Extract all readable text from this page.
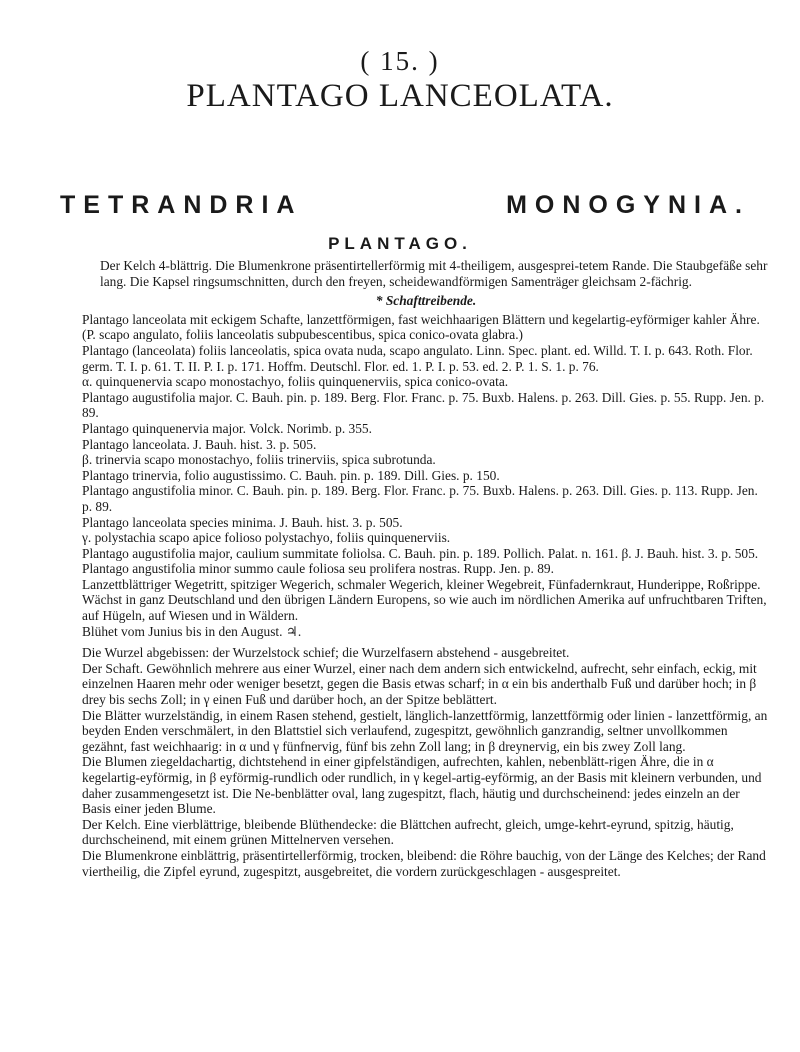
( 15. )
PLANTAGO LANCEOLATA.
TETRANDRIA	MONOGYNIA.
PLANTAGO.

Der Kelch 4-blättrig. Die Blumenkrone präsentirtellerförmig mit 4-theiligem, ausgesprei-tetem Rande. Die Staubgefäße sehr lang. Die Kapsel ringsumschnitten, durch den freyen, scheidewandförmigen Samenträger gleichsam 2-fächrig.

* Schafttreibende.

Plantago lanceolata mit eckigem Schafte, lanzettförmigen, fast weichhaarigen Blättern und kegelartig-eyförmiger kahler Ähre. (P. scapo angulato, foliis lanceolatis subpubescentibus, spica conico-ovata glabra.)

Plantago (lanceolata) foliis lanceolatis, spica ovata nuda, scapo angulato. Linn. Spec. plant. ed. Willd. T. I. p. 643. Roth. Flor. germ. T. I. p. 61. T. II. P. I. p. 171. Hoffm. Deutschl. Flor. ed. 1. P. I. p. 53. ed. 2. P. 1. S. 1. p. 76.

α. quinquenervia scapo monostachyo, foliis quinquenerviis, spica conico-ovata.

Plantago augustifolia major. C. Bauh. pin. p. 189. Berg. Flor. Franc. p. 75. Buxb. Halens. p. 263. Dill. Gies. p. 55. Rupp. Jen. p. 89.

Plantago quinquenervia major. Volck. Norimb. p. 355.

Plantago lanceolata. J. Bauh. hist. 3. p. 505.

β. trinervia scapo monostachyo, foliis trinerviis, spica subrotunda.

Plantago trinervia, folio augustissimo. C. Bauh. pin. p. 189. Dill. Gies. p. 150.

Plantago angustifolia minor. C. Bauh. pin. p. 189. Berg. Flor. Franc. p. 75. Buxb. Halens. p. 263. Dill. Gies. p. 113. Rupp. Jen. p. 89.

Plantago lanceolata species minima. J. Bauh. hist. 3. p. 505.

γ. polystachia scapo apice folioso polystachyo, foliis quinquenerviis.

Plantago augustifolia major, caulium summitate foliolsa. C. Bauh. pin. p. 189. Pollich. Palat. n. 161. β. J. Bauh. hist. 3. p. 505.

Plantago angustifolia minor summo caule foliosa seu prolifera nostras. Rupp. Jen. p. 89.

Lanzettblättriger Wegetritt, spitziger Wegerich, schmaler Wegerich, kleiner Wegebreit, Fünfadernkraut, Hunderippe, Roßrippe.

Wächst in ganz Deutschland und den übrigen Ländern Europens, so wie auch im nördlichen Amerika auf unfruchtbaren Triften, auf Hügeln, auf Wiesen und in Wäldern.

Blühet vom Junius bis in den August. ♃.

Die Wurzel abgebissen: der Wurzelstock schief; die Wurzelfasern abstehend - ausgebreitet.

Der Schaft. Gewöhnlich mehrere aus einer Wurzel, einer nach dem andern sich entwickelnd, aufrecht, sehr einfach, eckig, mit einzelnen Haaren mehr oder weniger besetzt, gegen die Basis etwas scharf; in α ein bis anderthalb Fuß und darüber hoch; in β drey bis sechs Zoll; in γ einen Fuß und darüber hoch, an der Spitze beblättert.

Die Blätter wurzelständig, in einem Rasen stehend, gestielt, länglich-lanzettförmig, lanzettförmig oder linien - lanzettförmig, an beyden Enden verschmälert, in den Blattstiel sich verlaufend, zugespitzt, gewöhnlich ganzrandig, seltner unvollkommen gezähnt, fast weichhaarig: in α und γ fünfnervig, fünf bis zehn Zoll lang; in β dreynervig, ein bis zwey Zoll lang.

Die Blumen ziegeldachartig, dichtstehend in einer gipfelständigen, aufrechten, kahlen, nebenblätt-rigen Ähre, die in α kegelartig-eyförmig, in β eyförmig-rundlich oder rundlich, in γ kegel-artig-eyförmig, an der Basis mit kleinern verbunden, und daher zusammengesetzt ist. Die Ne-benblätter oval, lang zugespitzt, flach, häutig und durchscheinend: jedes einzeln an der Basis einer jeden Blume.

Der Kelch. Eine vierblättrige, bleibende Blüthendecke: die Blättchen aufrecht, gleich, umge-kehrt-eyrund, spitzig, häutig, durchscheinend, mit einem grünen Mittelnerven versehen.

Die Blumenkrone einblättrig, präsentirtellerförmig, trocken, bleibend: die Röhre bauchig, von der Länge des Kelches; der Rand viertheilig, die Zipfel eyrund, zugespitzt, ausgebreitet, die vordern zurückgeschlagen - ausgespreitet.
